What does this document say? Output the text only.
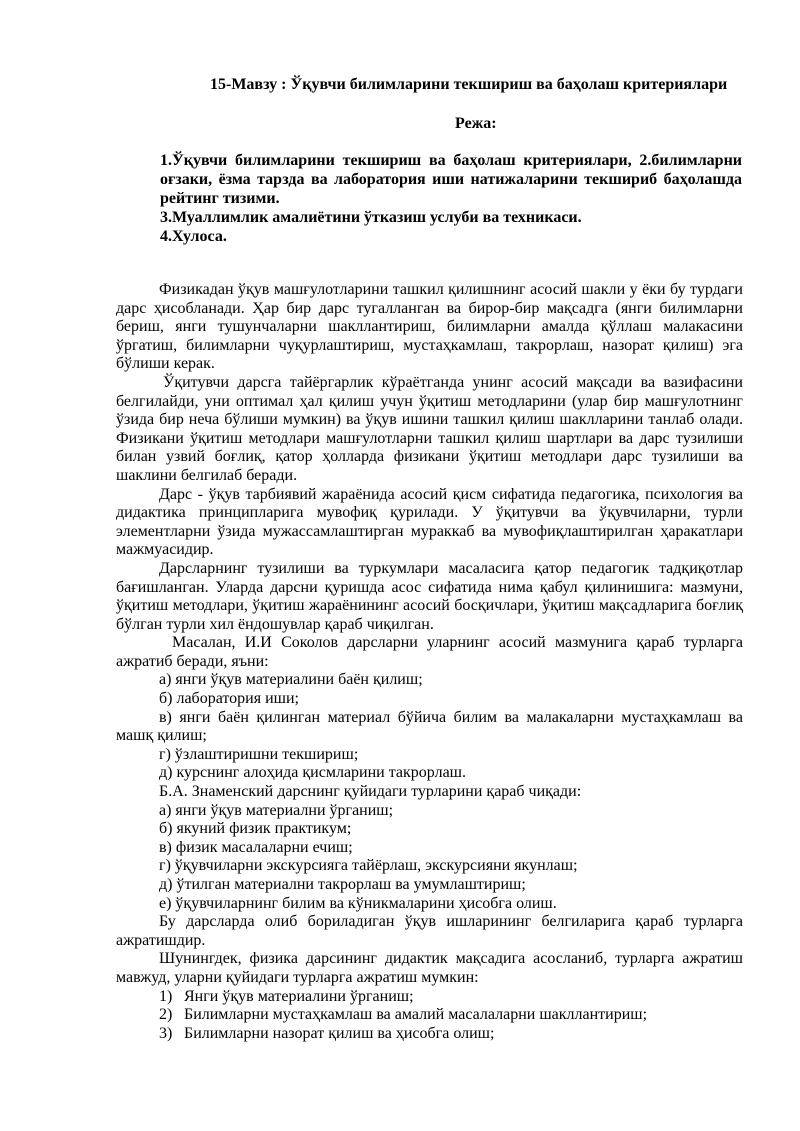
15-Мавзу : Ўқувчи билимларини текшириш ва баҳолаш критериялари
Режа:

1.Ўқувчи билимларини текшириш ва баҳолаш критериялари, 2.билимларни оғзаки, ёзма тарзда ва лаборатория иши натижаларини текшириб баҳолашда рейтинг тизими.

3.Муаллимлик амалиётини ўтказиш услуби ва техникаси.

4.Хулоса.

Физикадан ўқув машғулотларини ташкил қилишнинг асосий шакли у ёки бу турдаги дарс ҳисобланади. Ҳар бир дарс тугалланган ва бирор-бир мақсадга (янги билимларни бериш, янги тушунчаларни шакллантириш, билимларни амалда қўллаш малакасини ўргатиш, билимларни чуқурлаштириш, мустаҳкамлаш, такрорлаш, назорат қилиш) эга бўлиши керак.

Ўқитувчи дарсга тайёргарлик кўраётганда унинг асосий мақсади ва вазифасини белгилайди, уни оптимал ҳал қилиш учун ўқитиш методларини (улар бир машғулотнинг ўзида бир неча бўлиши мумкин) ва ўқув ишини ташкил қилиш шаклларини танлаб олади. Физикани ўқитиш методлари машғулотларни ташкил қилиш шартлари ва дарс тузилиши билан узвий боғлиқ, қатор ҳолларда физикани ўқитиш методлари дарс тузилиши ва шаклини белгилаб беради.

Дарс - ўқув тарбиявий жараёнида асосий қисм сифатида педагогика, психология ва дидактика принципларига мувофиқ қурилади. У ўқитувчи ва ўқувчиларни, турли элементларни ўзида мужассамлаштирган мураккаб ва мувофиқлаштирилган ҳаракатлари мажмуасидир.

Дарсларнинг тузилиши ва туркумлари масаласига қатор педагогик тадқиқотлар бағишланган. Уларда дарсни қуришда асос сифатида нима қабул қилинишига: мазмуни, ўқитиш методлари, ўқитиш жараёнининг асосий босқичлари, ўқитиш мақсадларига боғлиқ бўлган турли хил ёндошувлар қараб чиқилган.

Масалан, И.И Соколов дарсларни уларнинг асосий мазмунига қараб турларга ажратиб беради, яъни:

а) янги ўқув материалини баён қилиш;

б) лаборатория иши;

в) янги баён қилинган материал бўйича билим ва малакаларни мустаҳкамлаш ва машқ қилиш;

г) ўзлаштиришни текшириш;

д) курснинг алоҳида қисмларини такрорлаш.

Б.А. Знаменский дарснинг қуйидаги турларини қараб чиқади:

а) янги ўқув материални ўрганиш;

б) якуний физик практикум;

в) физик масалаларни ечиш;

г) ўқувчиларни экскурсияга тайёрлаш, экскурсияни якунлаш;

д) ўтилган материални такрорлаш ва умумлаштириш;

е) ўқувчиларнинг билим ва кўникмаларини ҳисобга олиш.

Бу дарсларда олиб бориладиган ўқув ишларининг белгиларига қараб турларга ажратишдир.

Шунингдек, физика дарсининг дидактик мақсадига асосланиб, турларга ажратиш мавжуд, уларни қуйидаги турларга ажратиш мумкин:

1) Янги ўқув материалини ўрганиш;
2) Билимларни мустаҳкамлаш ва амалий масалаларни шакллантириш;
3) Билимларни назорат қилиш ва ҳисобга олиш;
